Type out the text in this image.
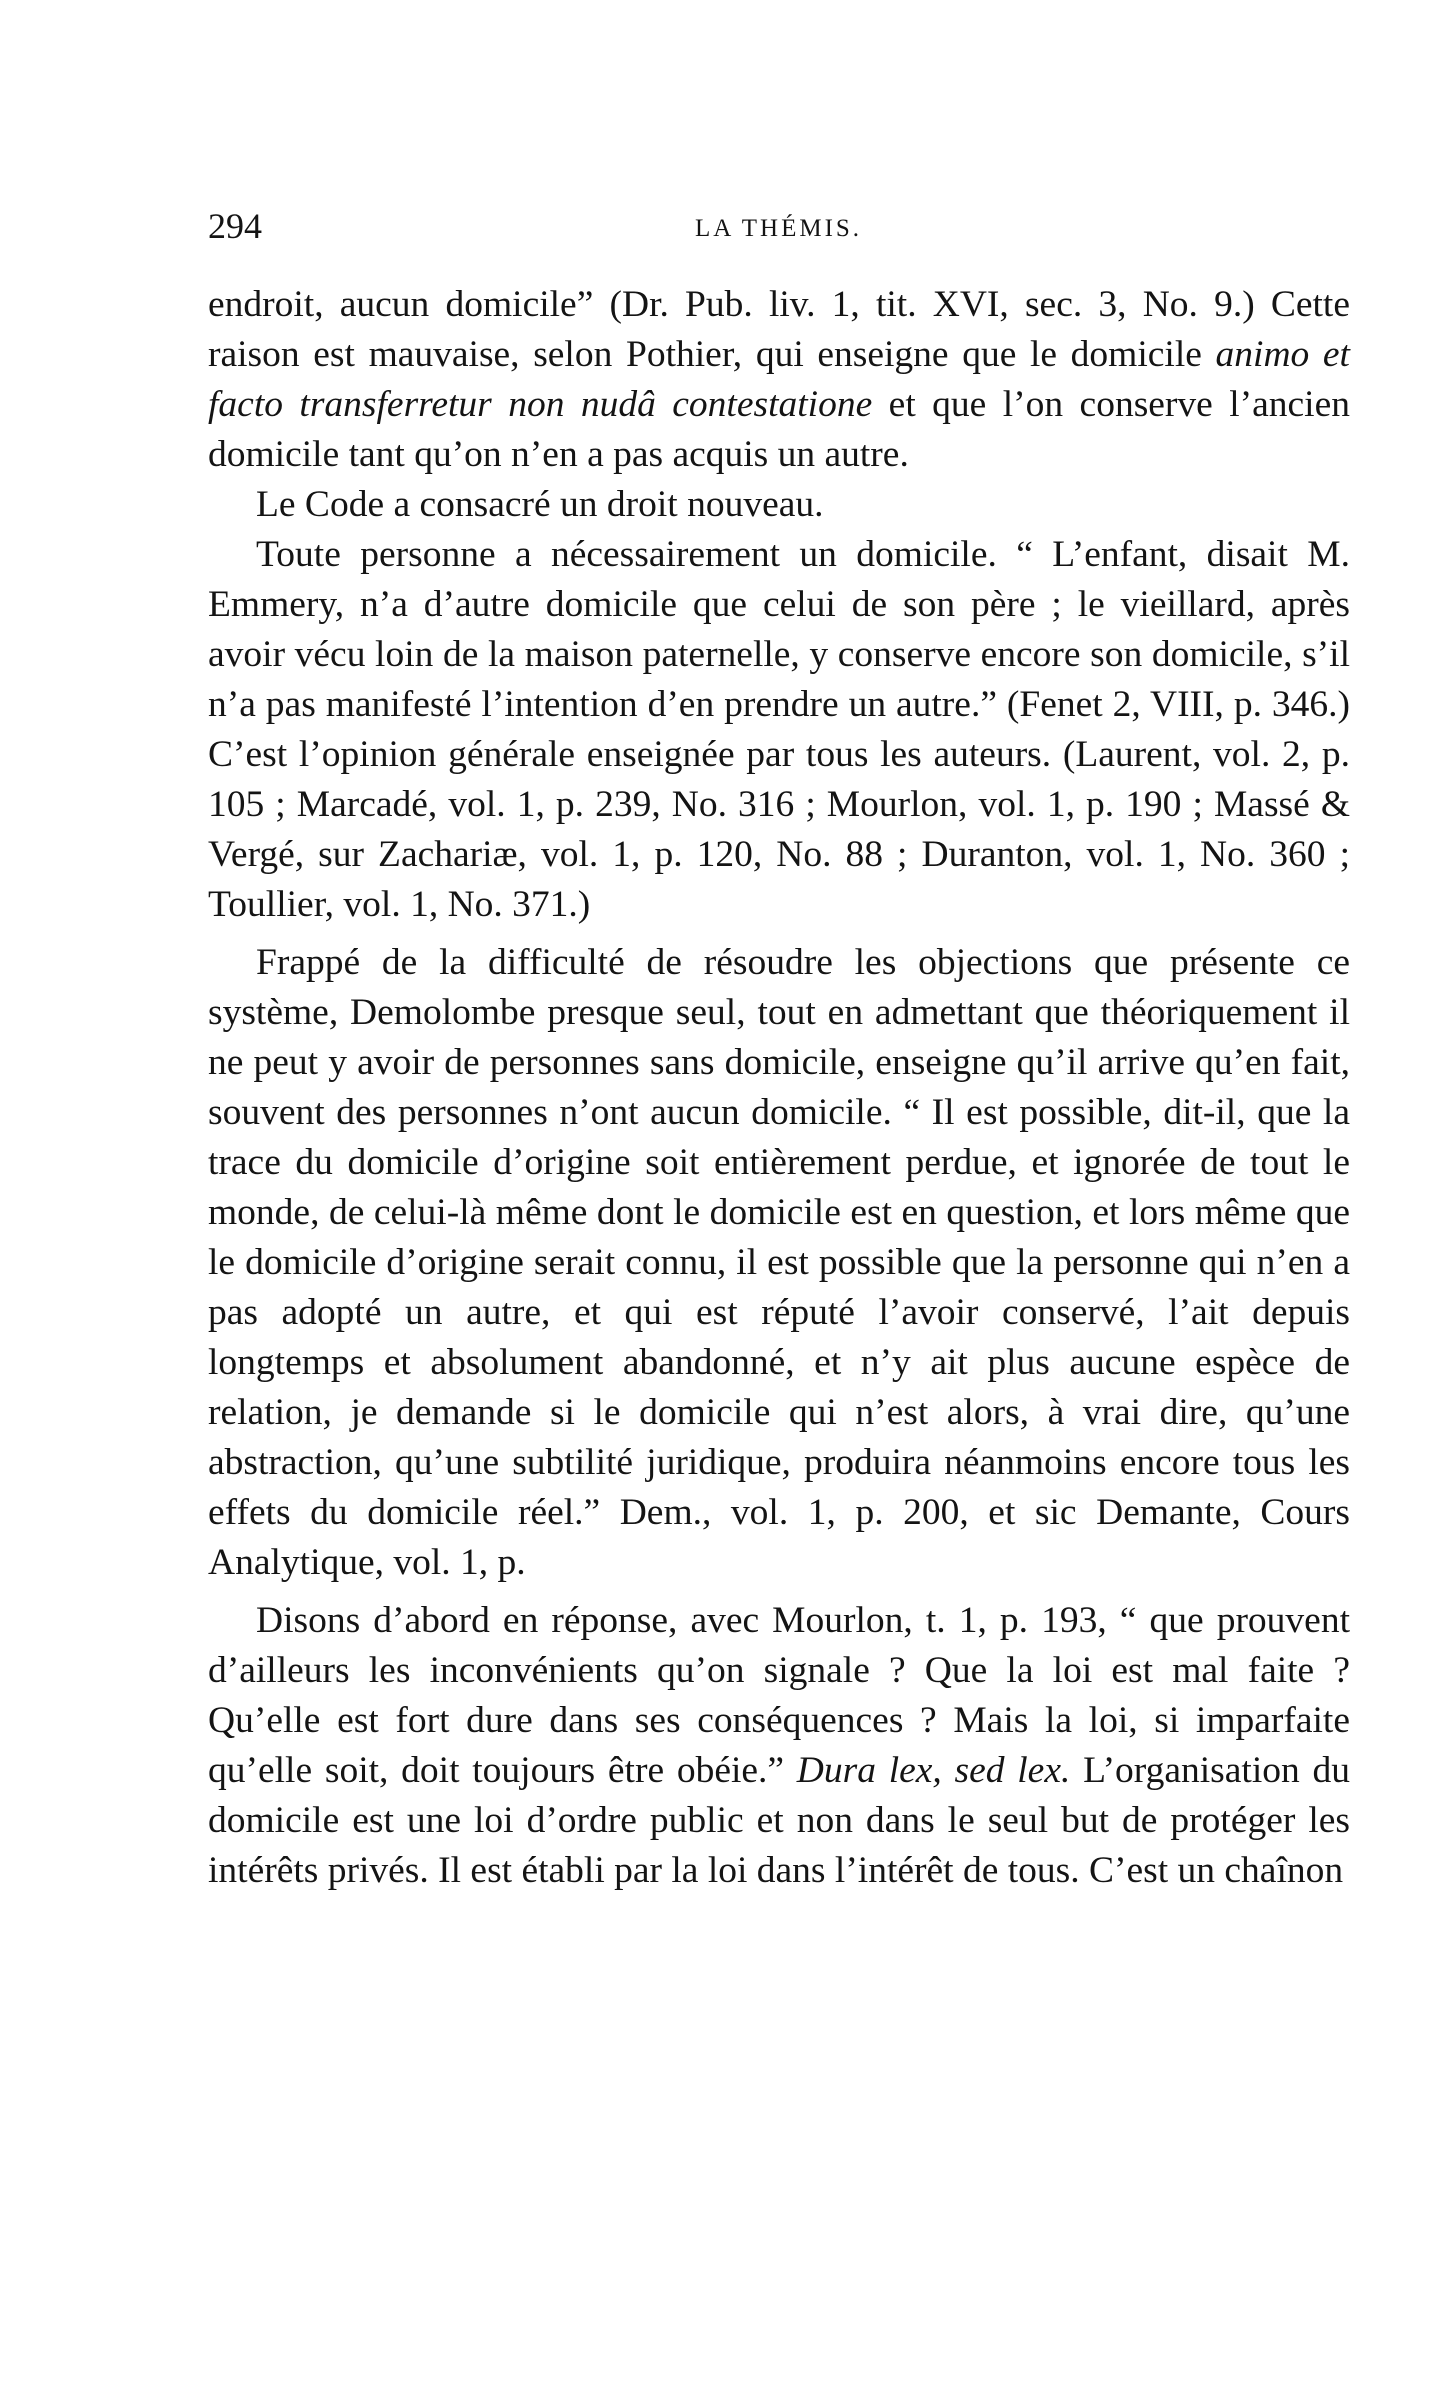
294	LA THÉMIS.

endroit, aucun domicile” (Dr. Pub. liv. 1, tit. XVI, sec. 3, No. 9.) Cette raison est mauvaise, selon Pothier, qui enseigne que le domicile animo et facto transferretur non nudâ contestatione et que l’on conserve l’ancien domicile tant qu’on n’en a pas acquis un autre.

Le Code a consacré un droit nouveau.

Toute personne a nécessairement un domicile. “ L’enfant, disait M. Emmery, n’a d’autre domicile que celui de son père ; le vieillard, après avoir vécu loin de la maison paternelle, y conserve encore son domicile, s’il n’a pas manifesté l’intention d’en prendre un autre.” (Fenet 2, VIII, p. 346.) C’est l’opinion générale enseignée par tous les auteurs. (Laurent, vol. 2, p. 105 ; Marcadé, vol. 1, p. 239, No. 316 ; Mourlon, vol. 1, p. 190 ; Massé & Vergé, sur Zachariæ, vol. 1, p. 120, No. 88 ; Duranton, vol. 1, No. 360 ; Toullier, vol. 1, No. 371.)

Frappé de la difficulté de résoudre les objections que présente ce système, Demolombe presque seul, tout en admettant que théoriquement il ne peut y avoir de personnes sans domicile, enseigne qu’il arrive qu’en fait, souvent des personnes n’ont aucun domicile. “ Il est possible, dit-il, que la trace du domicile d’origine soit entièrement perdue, et ignorée de tout le monde, de celui-là même dont le domicile est en question, et lors même que le domicile d’origine serait connu, il est possible que la personne qui n’en a pas adopté un autre, et qui est réputé l’avoir conservé, l’ait depuis longtemps et absolument abandonné, et n’y ait plus aucune espèce de relation, je demande si le domicile qui n’est alors, à vrai dire, qu’une abstraction, qu’une subtilité juridique, produira néanmoins encore tous les effets du domicile réel.” Dem., vol. 1, p. 200, et sic Demante, Cours Analytique, vol. 1, p.

Disons d’abord en réponse, avec Mourlon, t. 1, p. 193, “ que prouvent d’ailleurs les inconvénients qu’on signale ? Que la loi est mal faite ? Qu’elle est fort dure dans ses conséquences ? Mais la loi, si imparfaite qu’elle soit, doit toujours être obéie.” Dura lex, sed lex. L’organisation du domicile est une loi d’ordre public et non dans le seul but de protéger les intérêts privés. Il est établi par la loi dans l’intérêt de tous. C’est un chaînon
